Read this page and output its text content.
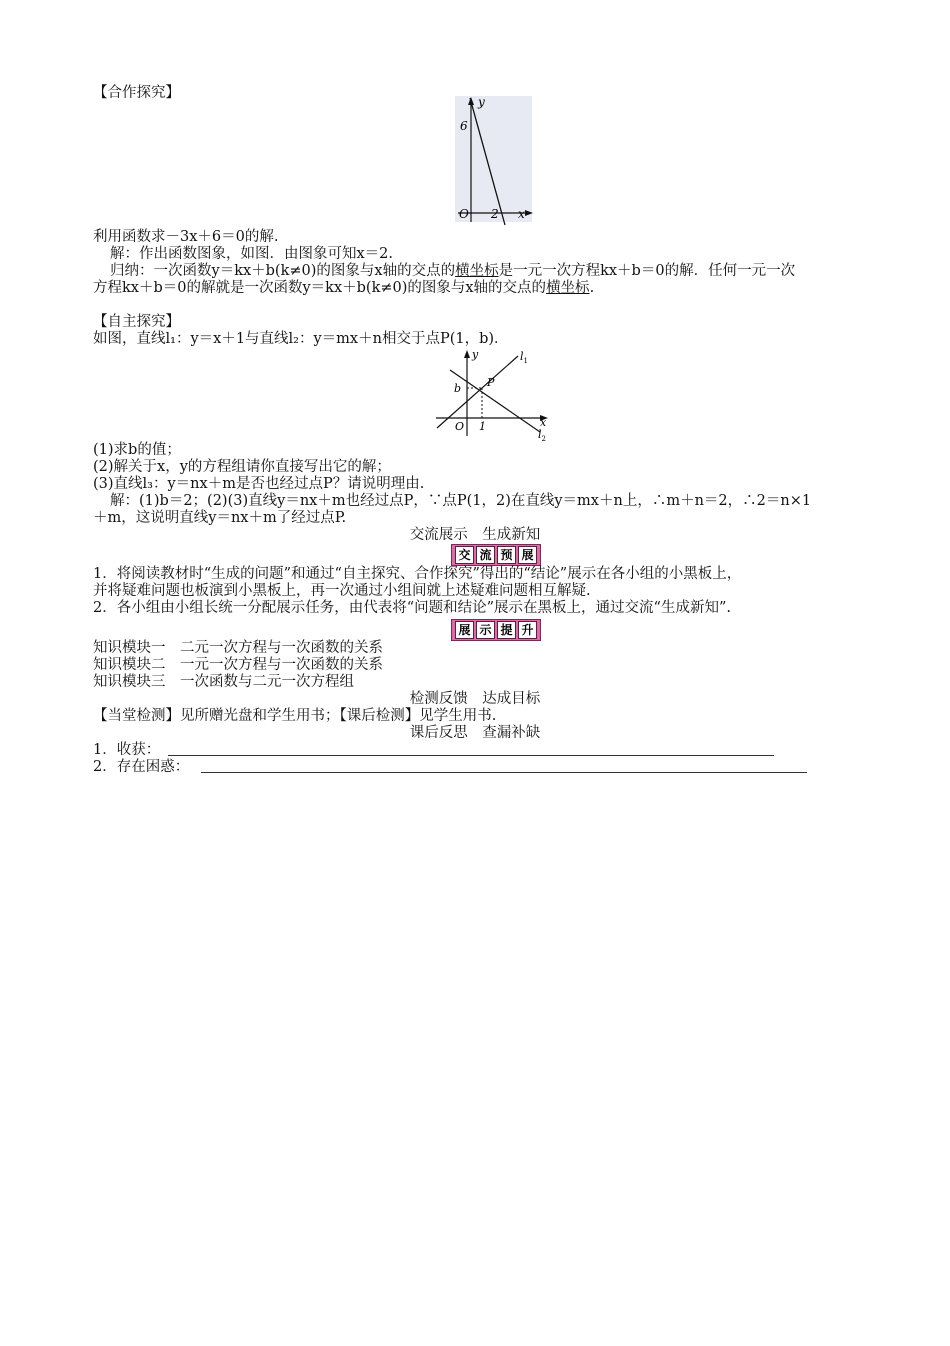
【合作探究】
y
6
O 2 x
利用函数求－3x＋6＝0的解.
解：作出函数图象，如图．由图象可知x＝2.
归纳：一次函数y＝kx＋b(k≠0)的图象与x轴的交点的横坐标是一元一次方程kx＋b＝0的解．任何一元一次
方程kx＋b＝0的解就是一次函数y＝kx＋b(k≠0)的图象与x轴的交点的横坐标.
【自主探究】
如图，直线l₁：y＝x＋1与直线l₂：y＝mx＋n相交于点P(1，b)．
y	$l_1$
b P
O 1	x
$l_2$
(1)求b的值；
(2)解关于x，y的方程组请你直接写出它的解；
(3)直线l₃：y＝nx＋m是否也经过点P？请说明理由.
解：(1)b＝2；(2)(3)直线y＝nx＋m也经过点P，∵点P(1，2)在直线y＝mx＋n上，∴m＋n＝2，∴2＝n×1
＋m，这说明直线y＝nx＋m了经过点P.
交流展示　生成新知
交 流 预 展
1．将阅读教材时“生成的问题”和通过“自主探究、合作探究”得出的“结论”展示在各小组的小黑板上，
并将疑难问题也板演到小黑板上，再一次通过小组间就上述疑难问题相互解疑.
2．各小组由小组长统一分配展示任务，由代表将“问题和结论”展示在黑板上，通过交流“生成新知”.
展 示 提 升
知识模块一　二元一次方程与一次函数的关系
知识模块二　一元一次方程与一次函数的关系
知识模块三　一次函数与二元一次方程组
检测反馈　达成目标
【当堂检测】见所赠光盘和学生用书；【课后检测】见学生用书.
课后反思　查漏补缺
1．收获：
2．存在困惑：
